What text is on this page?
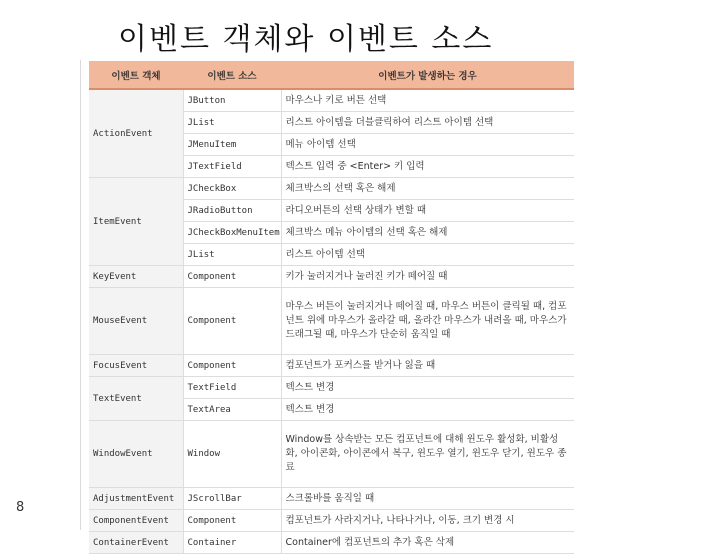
이벤트 객체와 이벤트 소스
이벤트 객체	이벤트 소스	이벤트가 발생하는 경우
ActionEvent	JButton	마우스나 키로 버튼 선택
	JList	리스트 아이템을 더블클릭하여 리스트 아이템 선택
	JMenuItem	메뉴 아이템 선택
	JTextField	텍스트 입력 중 <Enter> 키 입력
ItemEvent	JCheckBox	체크박스의 선택 혹은 해제
	JRadioButton	라디오버튼의 선택 상태가 변할 때
	JCheckBoxMenuItem	체크박스 메뉴 아이템의 선택 혹은 해제
	JList	리스트 아이템 선택
KeyEvent	Component	키가 눌러지거나 눌러진 키가 떼어질 때
MouseEvent	Component	마우스 버튼이 눌러지거나 떼어질 때, 마우스 버튼이 클릭될 때, 컴포넌트 위에 마우스가 올라갈 때, 올라간 마우스가 내려올 때, 마우스가 드래그될 때, 마우스가 단순히 움직일 때
FocusEvent	Component	컴포넌트가 포커스를 받거나 잃을 때
TextEvent	TextField	텍스트 변경
	TextArea	텍스트 변경
WindowEvent	Window	Window를 상속받는 모든 컴포넌트에 대해 윈도우 활성화, 비활성화, 아이콘화, 아이콘에서 복구, 윈도우 열기, 윈도우 닫기, 윈도우 종료
AdjustmentEvent	JScrollBar	스크롤바를 움직일 때
ComponentEvent	Component	컴포넌트가 사라지거나, 나타나거나, 이동, 크기 변경 시
ContainerEvent	Container	Container에 컴포넌트의 추가 혹은 삭제
8
